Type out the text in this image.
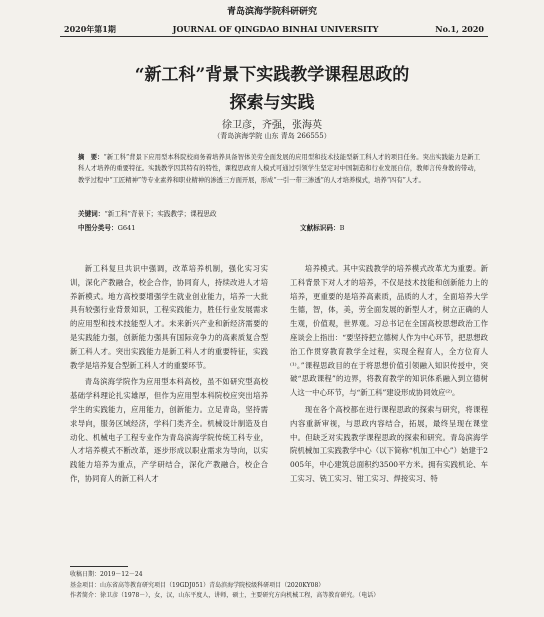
青岛滨海学院科研研究
2020年第1期	JOURNAL OF QINGDAO BINHAI UNIVERSITY	No.1, 2020
“新工科”背景下实践教学课程思政的
探索与实践
徐卫彦，齐强，张海英
（青岛滨海学院 山东 青岛 266555）

摘　要：“新工科”背景下应用型本科院校商务着培养具备智体美劳全面发展的应用型和技术技能型新工科人才的项目任务。突出实践能力是新工科人才培养的重要特征。实践教学因其特有的特性，课程思政育人模式可通过引领学生坚定对中国制造和行业发展自信，教师言传身教的带动，教学过程中“工匠精神”等专业素养和职业精神的渗透三方面开展，形成“一引一带三渗透”的人才培养模式，培养“四有”人才。

关键词：“新工科”背景下；实践教学；课程思政
中图分类号：G641	文献标识码：B

新工科复旦共识中强调，改革培养机制，强化实习实训，深化产教融合，校企合作，协同育人，持续改进人才培养新模式。地方高校要增强学生就业创业能力，培养一大批具有较强行业背景知识，工程实践能力，胜任行业发展需求的应用型和技术技能型人才。未来新兴产业和新经济需要的是实践能力强，创新能力强具有国际竞争力的高素质复合型新工科人才。突出实践能力是新工科人才的重要特征，实践教学是培养复合型新工科人才的重要环节。

青岛滨海学院作为应用型本科高校，虽不如研究型高校基础学科理论扎实雄厚，但作为应用型本科院校应突出培养学生的实践能力，应用能力，创新能力。立足青岛，坚持需求导向，服务区域经济，学科门类齐全。机械设计制造及自动化、机械电子工程专业作为青岛滨海学院传统工科专业，人才培养模式不断改革，逐步形成以职业需求为导向，以实践能力培养为重点，产学研结合，深化产教融合，校企合作，协同育人的新工科人才

培养模式。其中实践教学的培养模式改革尤为重要。新工科背景下对人才的培养，不仅是技术技能和创新能力上的培养，更重要的是培养高素质，品质的人才，全面培养大学生德，智，体，美，劳全面发展的新型人才，树立正确的人生观，价值观，世界观。习总书记在全国高校思想政治工作座谈会上指出：“要坚持把立德树人作为中心环节，把思想政治工作贯穿教育教学全过程，实现全程育人，全方位育人⁽¹⁾。”课程思政目的在于将思想价值引领融入知识传授中，突破“思政课程”的边界，将教育教学的知识体系融入到立德树人这一中心环节，与“新工科”建设形成协同效应⁽²⁾。

现在各个高校都在进行课程思政的探索与研究，将课程内容重新审视，与思政内容结合，拓展，最终呈现在课堂中。但缺乏对实践教学课程思政的探索和研究。青岛滨海学院机械加工实践教学中心（以下简称“机加工中心”）始建于2005年，中心建筑总面积约3500平方米。拥有实践机论、车工实习、铣工实习、钳工实习、焊接实习、特

收稿日期：2019－12－24
基金项目：山东省高等教育研究项目（19GDJ051）青岛滨海学院校级科研项目（2020KY08）
作者简介：徐卫彦（1978－），女，汉，山东平度人，讲师，硕士，主要研究方向机械工程，高等教育研究。（电话）
